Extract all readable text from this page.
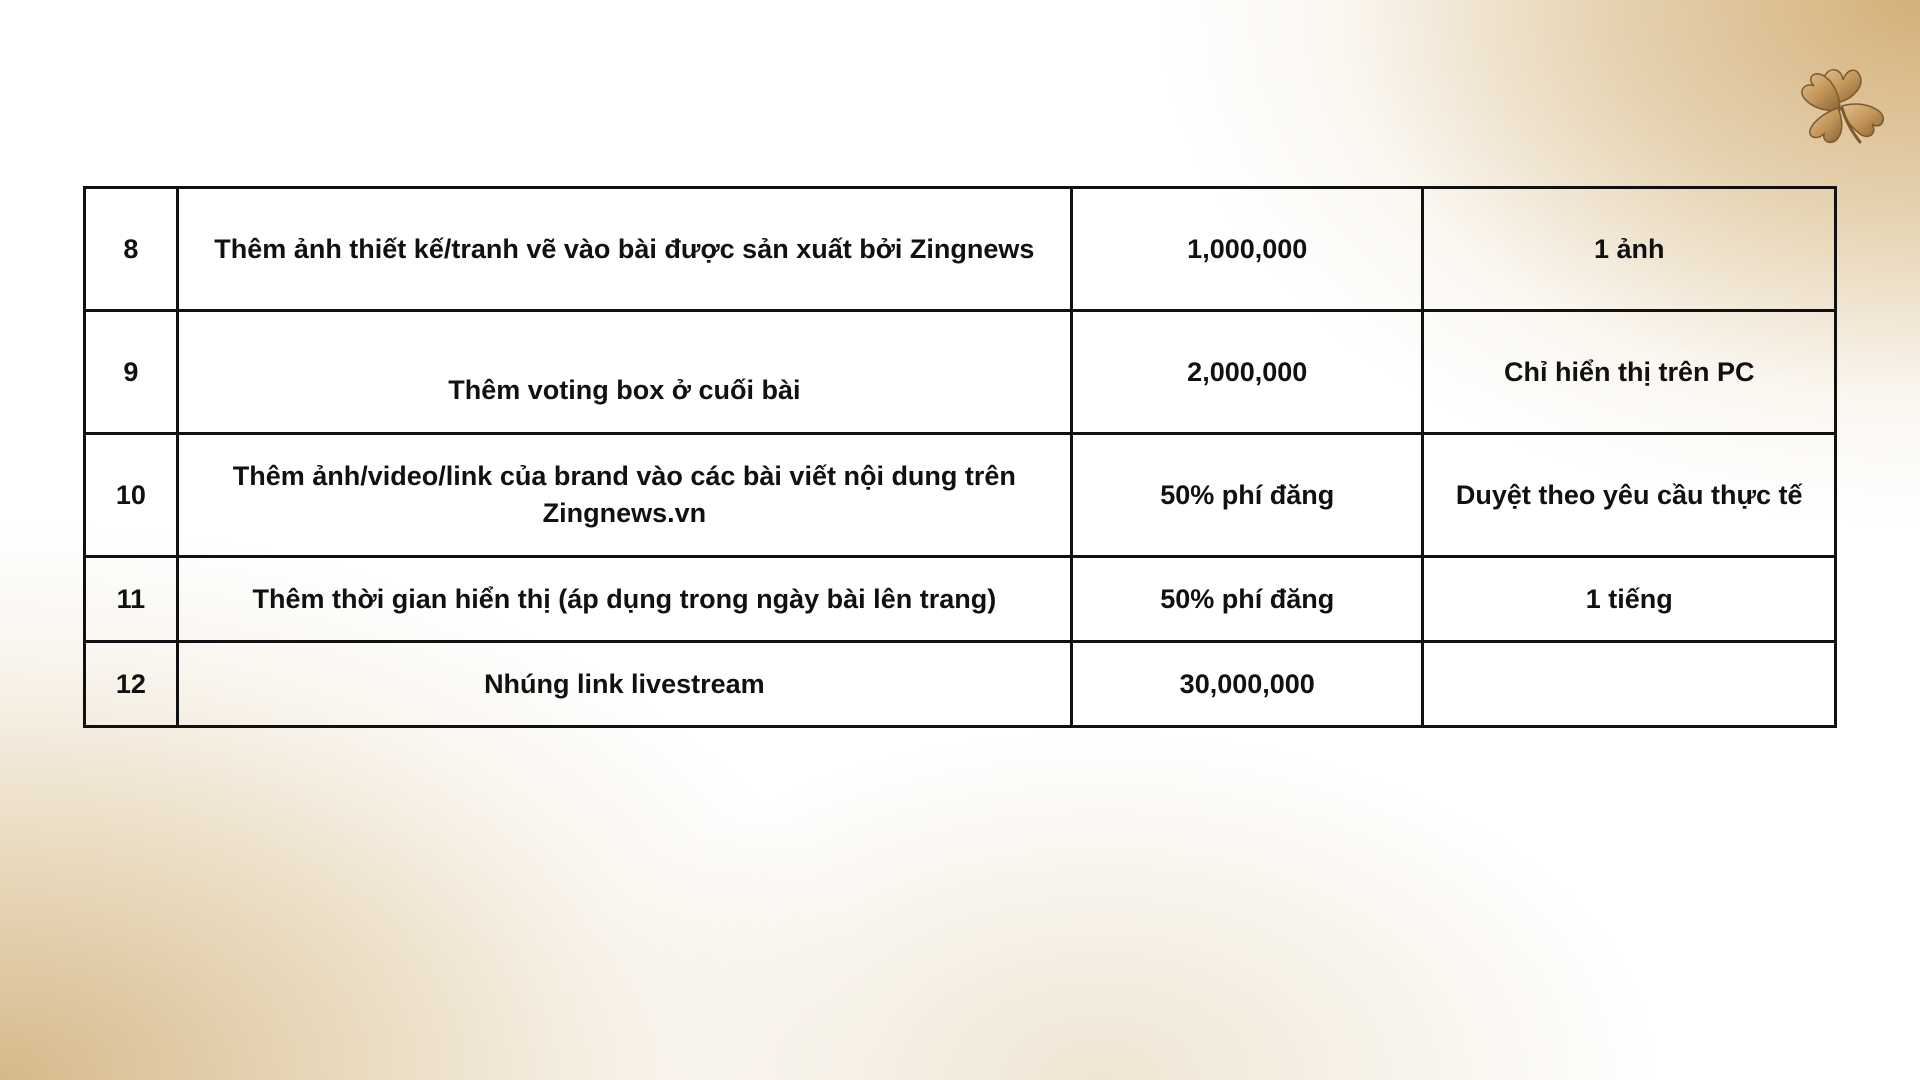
8	Thêm ảnh thiết kế/tranh vẽ vào bài được sản xuất bởi Zingnews	1,000,000	1 ảnh
9	Thêm voting box ở cuối bài	2,000,000	Chỉ hiển thị trên PC
10	Thêm ảnh/video/link của brand vào các bài viết nội dung trên Zingnews.vn	50% phí đăng	Duyệt theo yêu cầu thực tế
11	Thêm thời gian hiển thị (áp dụng trong ngày bài lên trang)	50% phí đăng	1 tiếng
12	Nhúng link livestream	30,000,000	
